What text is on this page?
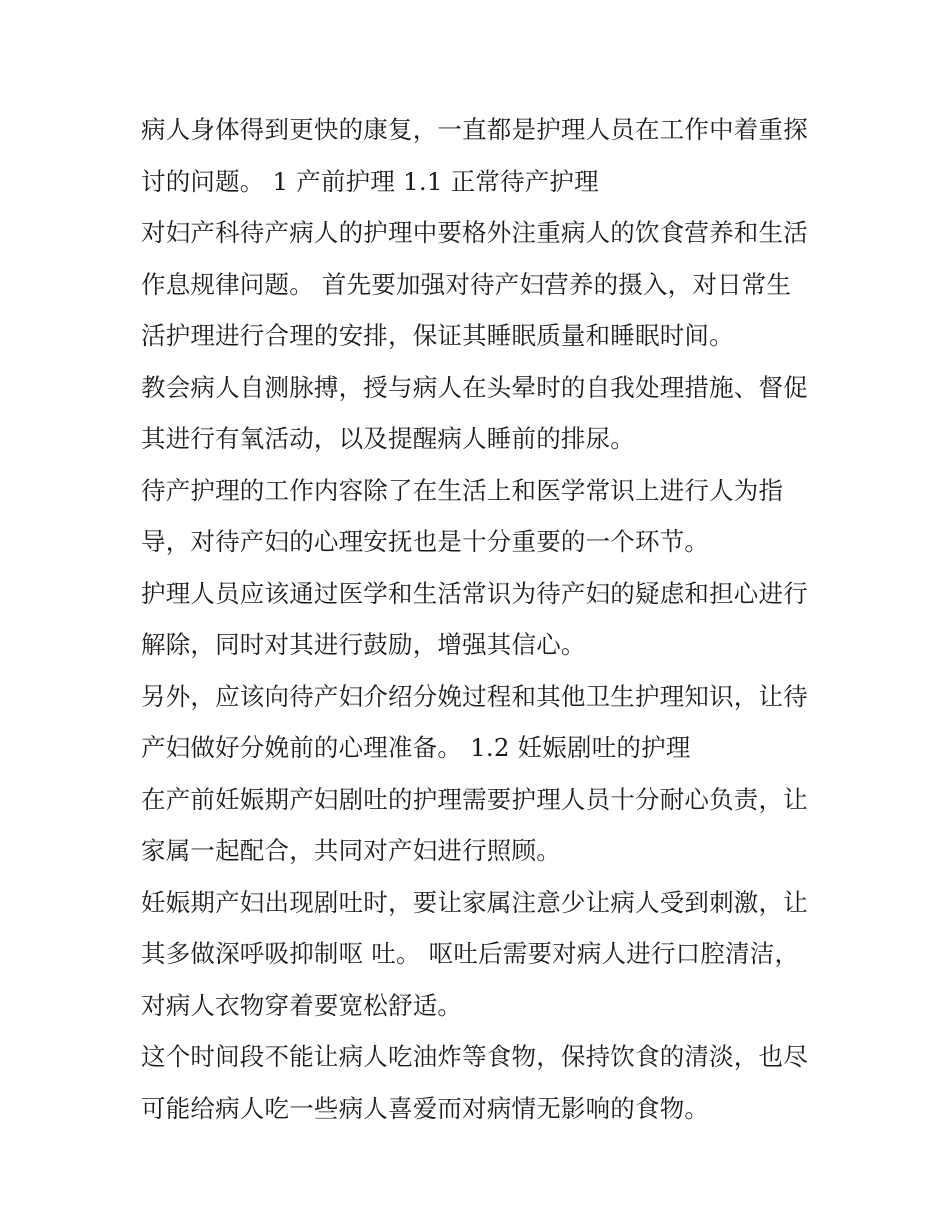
病人身体得到更快的康复，一直都是护理人员在工作中着重探
讨的问题。 1 产前护理 1.1 正常待产护理
对妇产科待产病人的护理中要格外注重病人的饮食营养和生活
作息规律问题。 首先要加强对待产妇营养的摄入，对日常生
活护理进行合理的安排，保证其睡眠质量和睡眠时间。
教会病人自测脉搏，授与病人在头晕时的自我处理措施、督促
其进行有氧活动，以及提醒病人睡前的排尿。
待产护理的工作内容除了在生活上和医学常识上进行人为指
导，对待产妇的心理安抚也是十分重要的一个环节。
护理人员应该通过医学和生活常识为待产妇的疑虑和担心进行
解除，同时对其进行鼓励，增强其信心。
另外，应该向待产妇介绍分娩过程和其他卫生护理知识，让待
产妇做好分娩前的心理准备。 1.2 妊娠剧吐的护理
在产前妊娠期产妇剧吐的护理需要护理人员十分耐心负责，让
家属一起配合，共同对产妇进行照顾。
妊娠期产妇出现剧吐时，要让家属注意少让病人受到刺激，让
其多做深呼吸抑制呕 吐。 呕吐后需要对病人进行口腔清洁，
对病人衣物穿着要宽松舒适。
这个时间段不能让病人吃油炸等食物，保持饮食的清淡，也尽
可能给病人吃一些病人喜爱而对病情无影响的食物。
